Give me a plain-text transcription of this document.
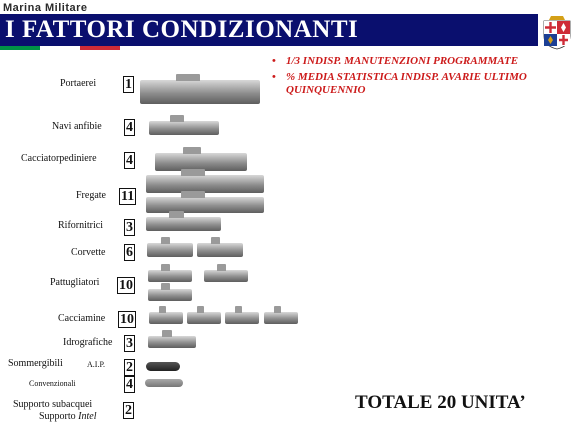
Marina Militare
I FATTORI CONDIZIONANTI
• 1/3 INDISP. MANUTENZIONI PROGRAMMATE
• % MEDIA STATISTICA INDISP. AVARIE ULTIMO QUINQUENNIO
Portaerei	1
Navi anfibie	4
Cacciatorpediniere	4
Fregate	11
Rifornitrici	3
Corvette	6
Pattugliatori	10
Cacciamine	10
Idrografiche 3
Sommergibili	A.I.P.	2
Convenzionali	4
Supporto subacquei
Supporto Intel	2	TOTALE 20 UNITA’
